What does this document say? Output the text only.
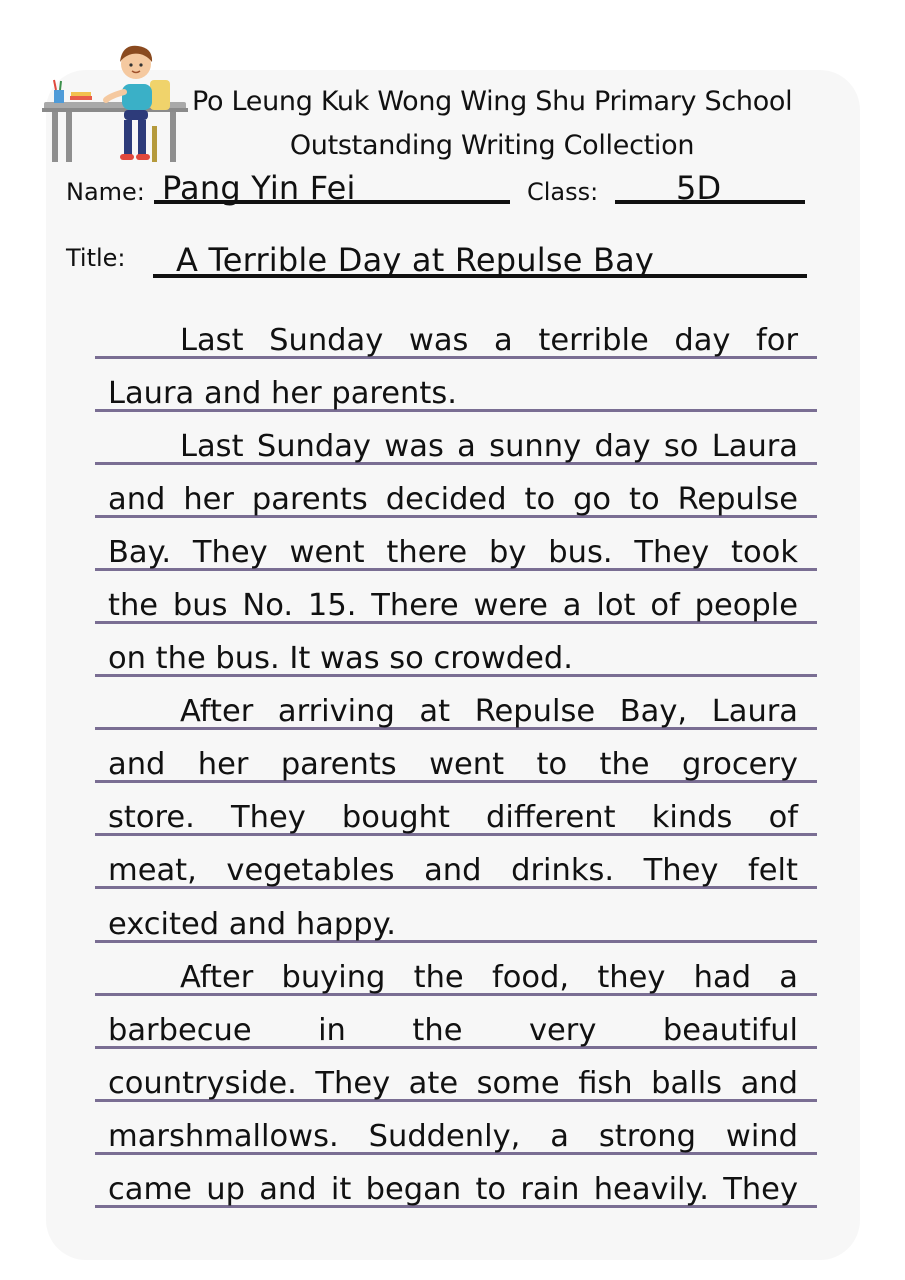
Po Leung Kuk Wong Wing Shu Primary School
Outstanding Writing Collection
Name: Pang Yin Fei	Class: 5D
Title: A Terrible Day at Repulse Bay
Last Sunday was a terrible day for
Laura and her parents.
Last Sunday was a sunny day so Laura
and her parents decided to go to Repulse
Bay. They went there by bus. They took
the bus No. 15. There were a lot of people
on the bus. It was so crowded.
After arriving at Repulse Bay, Laura
and her parents went to the grocery
store. They bought different kinds of
meat, vegetables and drinks. They felt
excited and happy.
After buying the food, they had a
barbecue in the very beautiful
countryside. They ate some fish balls and
marshmallows. Suddenly, a strong wind
came up and it began to rain heavily. They
